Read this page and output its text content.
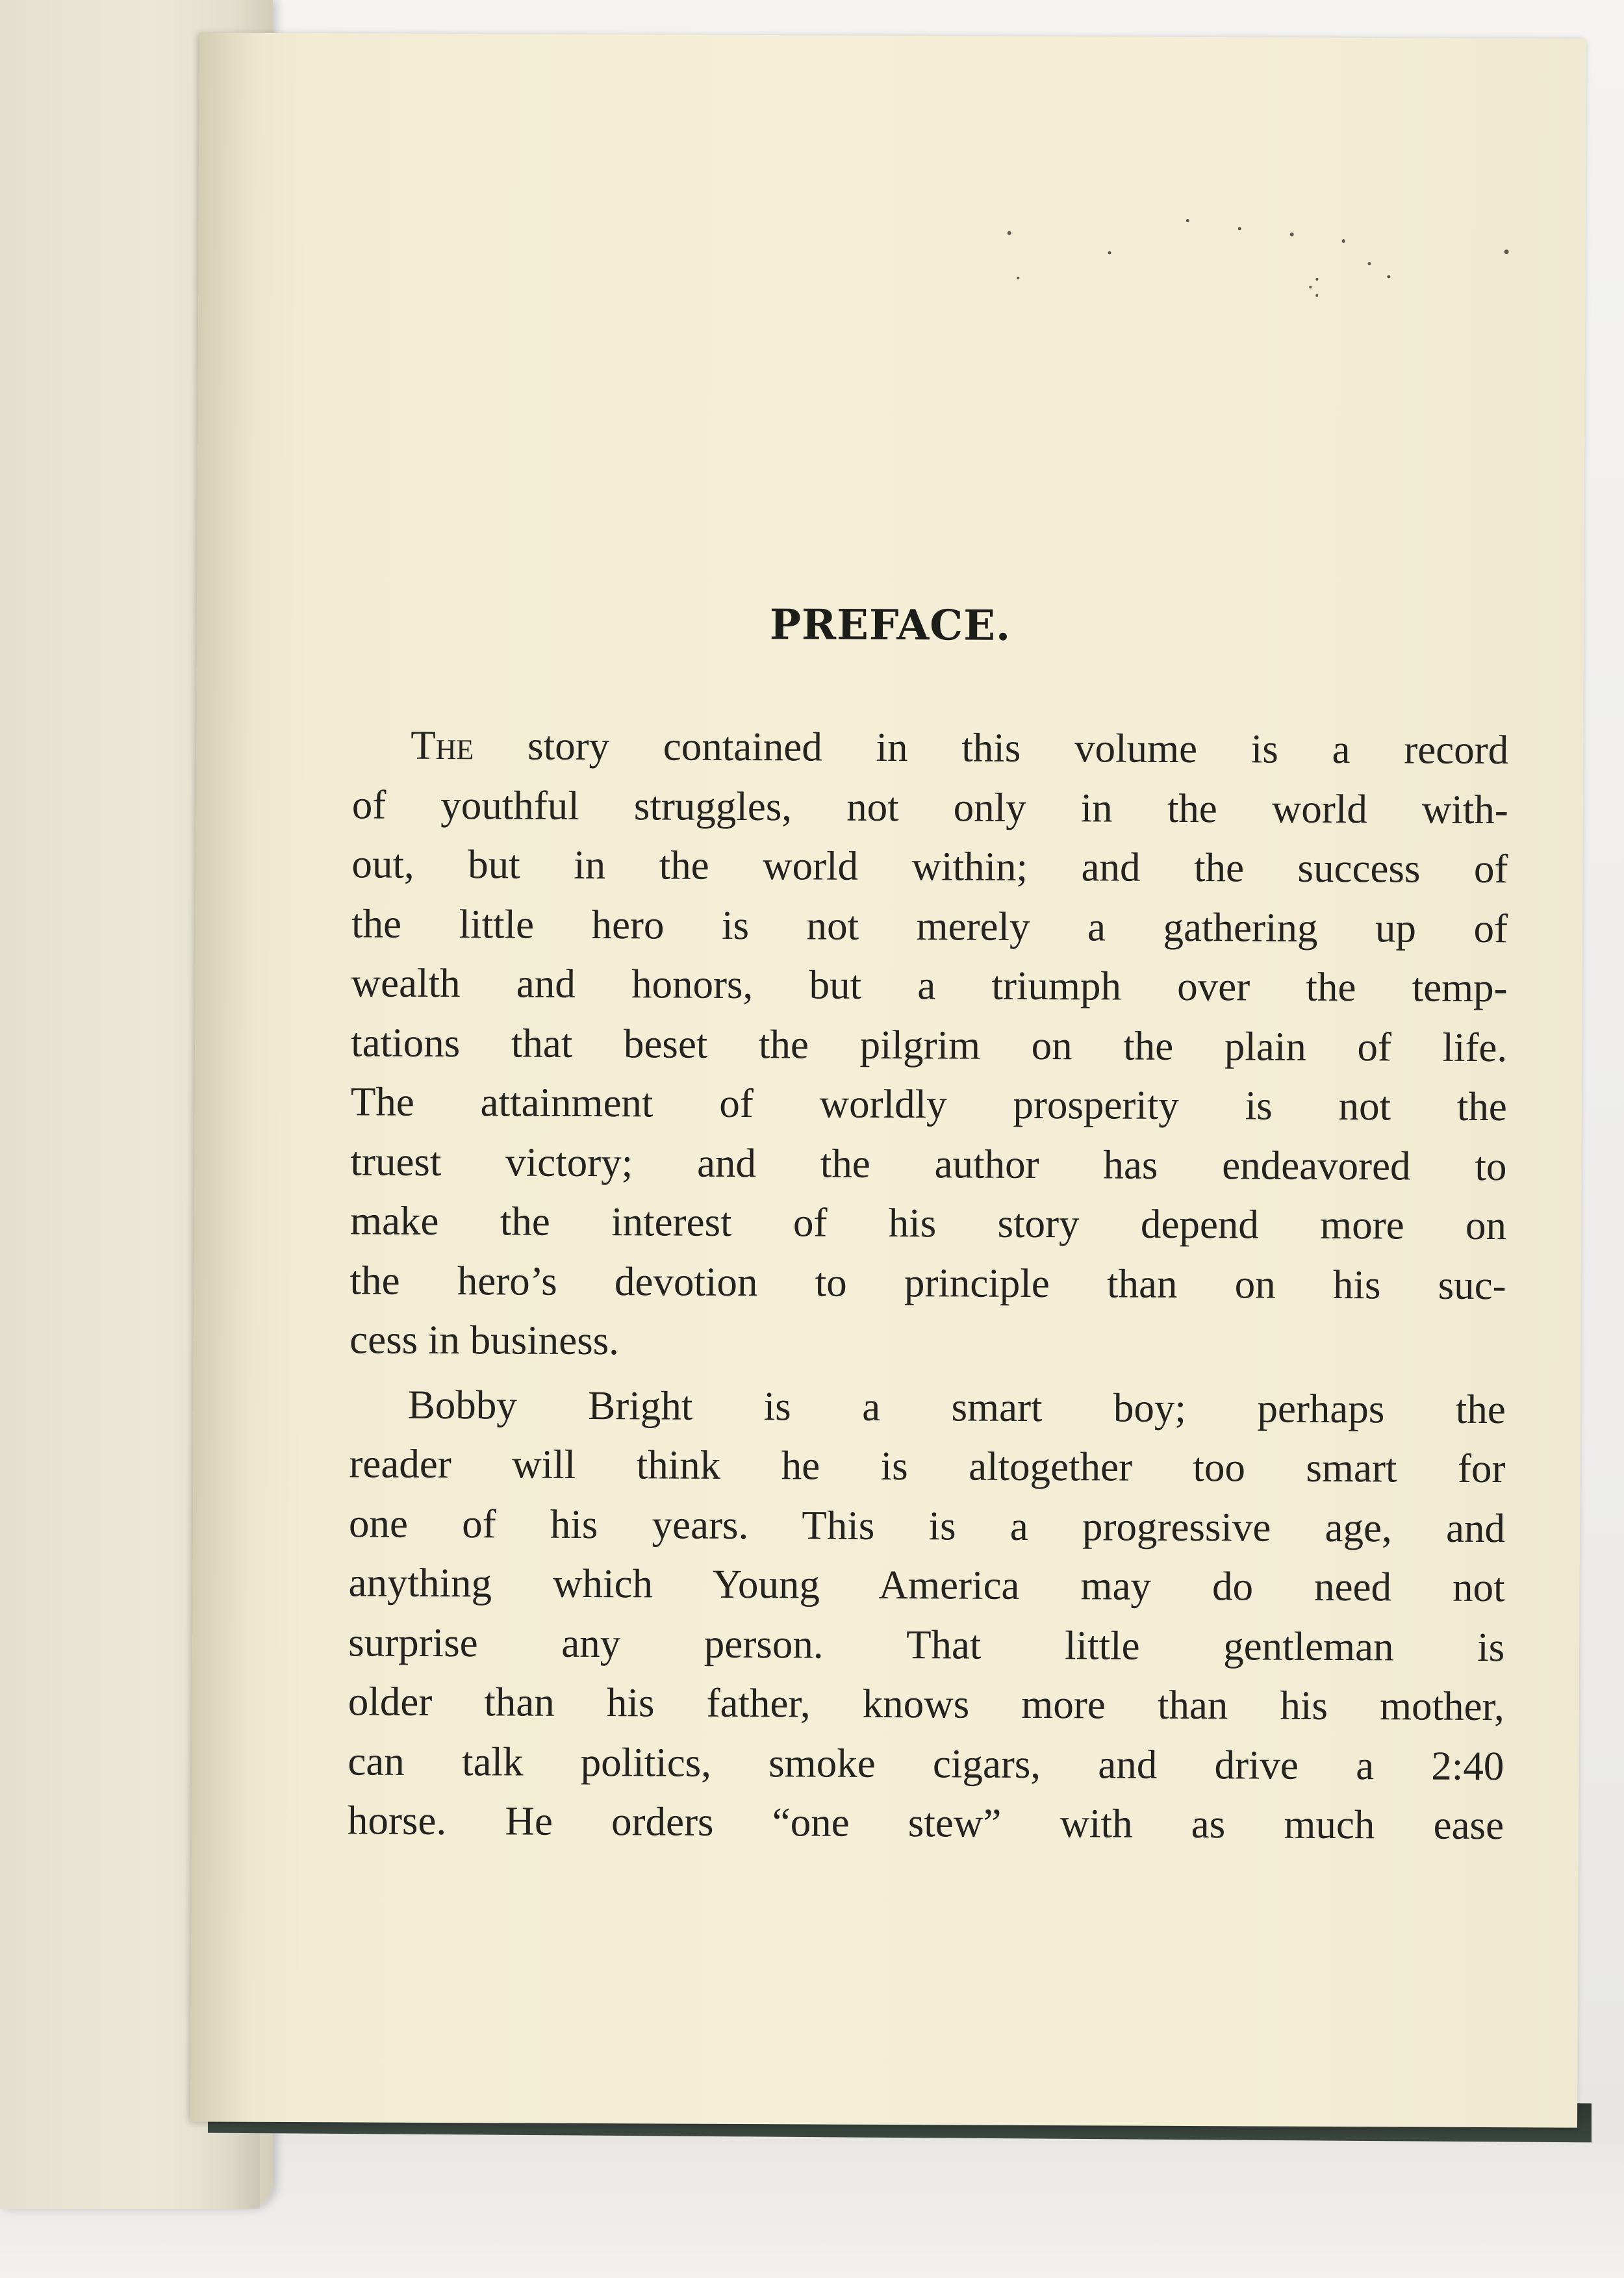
PREFACE.
The story contained in this volume is a record
of youthful struggles, not only in the world with-
out, but in the world within; and the success of
the little hero is not merely a gathering up of
wealth and honors, but a triumph over the temp-
tations that beset the pilgrim on the plain of life.
The attainment of worldly prosperity is not the
truest victory; and the author has endeavored to
make the interest of his story depend more on
the hero’s devotion to principle than on his suc-
cess in business.
Bobby Bright is a smart boy; perhaps the
reader will think he is altogether too smart for
one of his years. This is a progressive age, and
anything which Young America may do need not
surprise any person. That little gentleman is
older than his father, knows more than his mother,
can talk politics, smoke cigars, and drive a 2:40
horse. He orders “one stew” with as much ease
